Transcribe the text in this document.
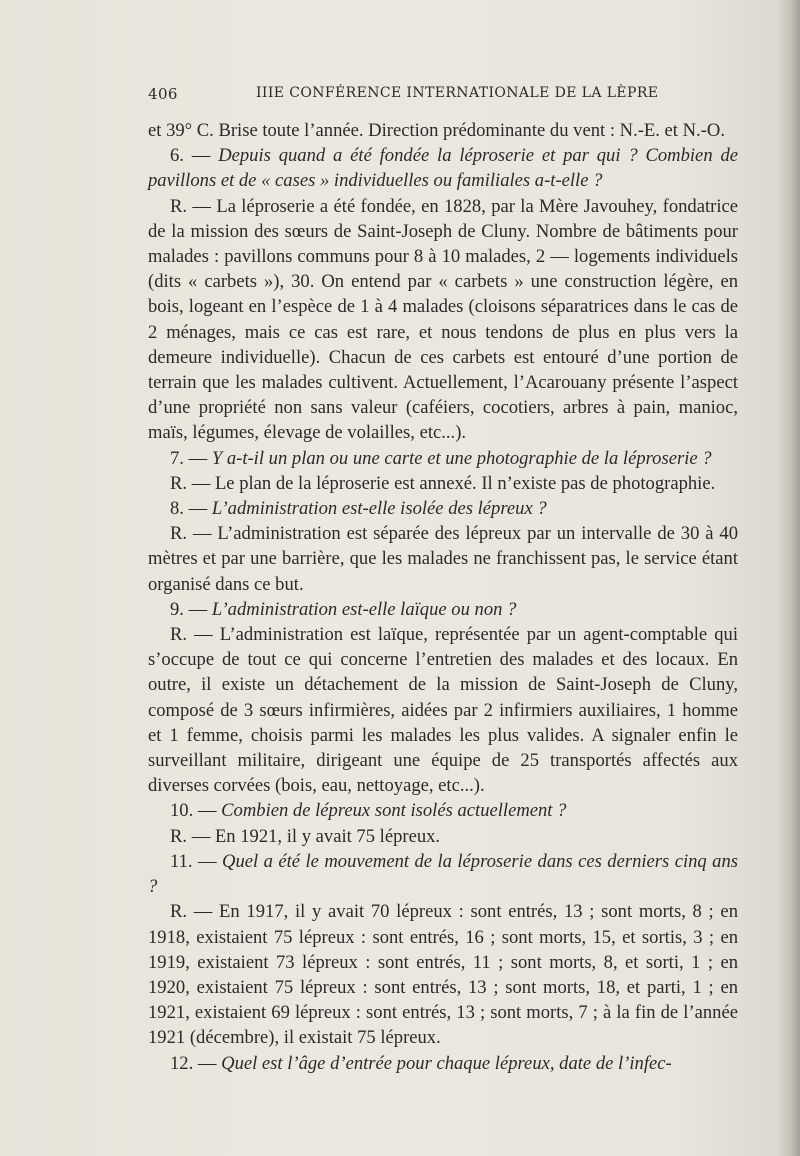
406	IIIE CONFÉRENCE INTERNATIONALE DE LA LÈPRE

et 39° C. Brise toute l’année. Direction prédominante du vent : N.-E. et N.-O.

6. — Depuis quand a été fondée la léproserie et par qui ? Combien de pavillons et de « cases » individuelles ou familiales a-t-elle ?

R. — La léproserie a été fondée, en 1828, par la Mère Javouhey, fondatrice de la mission des sœurs de Saint-Joseph de Cluny. Nombre de bâtiments pour malades : pavillons communs pour 8 à 10 malades, 2 — logements individuels (dits « carbets »), 30. On entend par « carbets » une construction légère, en bois, logeant en l’espèce de 1 à 4 malades (cloisons séparatrices dans le cas de 2 ménages, mais ce cas est rare, et nous tendons de plus en plus vers la demeure individuelle). Chacun de ces carbets est entouré d’une portion de terrain que les malades cultivent. Actuellement, l’Acarouany présente l’aspect d’une propriété non sans valeur (caféiers, cocotiers, arbres à pain, manioc, maïs, légumes, élevage de volailles, etc...).

7. — Y a-t-il un plan ou une carte et une photographie de la léproserie ?

R. — Le plan de la léproserie est annexé. Il n’existe pas de photographie.

8. — L’administration est-elle isolée des lépreux ?

R. — L’administration est séparée des lépreux par un intervalle de 30 à 40 mètres et par une barrière, que les malades ne franchissent pas, le service étant organisé dans ce but.

9. — L’administration est-elle laïque ou non ?

R. — L’administration est laïque, représentée par un agent-comptable qui s’occupe de tout ce qui concerne l’entretien des malades et des locaux. En outre, il existe un détachement de la mission de Saint-Joseph de Cluny, composé de 3 sœurs infirmières, aidées par 2 infirmiers auxiliaires, 1 homme et 1 femme, choisis parmi les malades les plus valides. A signaler enfin le surveillant militaire, dirigeant une équipe de 25 transportés affectés aux diverses corvées (bois, eau, nettoyage, etc...).

10. — Combien de lépreux sont isolés actuellement ?

R. — En 1921, il y avait 75 lépreux.

11. — Quel a été le mouvement de la léproserie dans ces derniers cinq ans ?

R. — En 1917, il y avait 70 lépreux : sont entrés, 13 ; sont morts, 8 ; en 1918, existaient 75 lépreux : sont entrés, 16 ; sont morts, 15, et sortis, 3 ; en 1919, existaient 73 lépreux : sont entrés, 11 ; sont morts, 8, et sorti, 1 ; en 1920, existaient 75 lépreux : sont entrés, 13 ; sont morts, 18, et parti, 1 ; en 1921, existaient 69 lépreux : sont entrés, 13 ; sont morts, 7 ; à la fin de l’année 1921 (décembre), il existait 75 lépreux.

12. — Quel est l’âge d’entrée pour chaque lépreux, date de l’infec-
